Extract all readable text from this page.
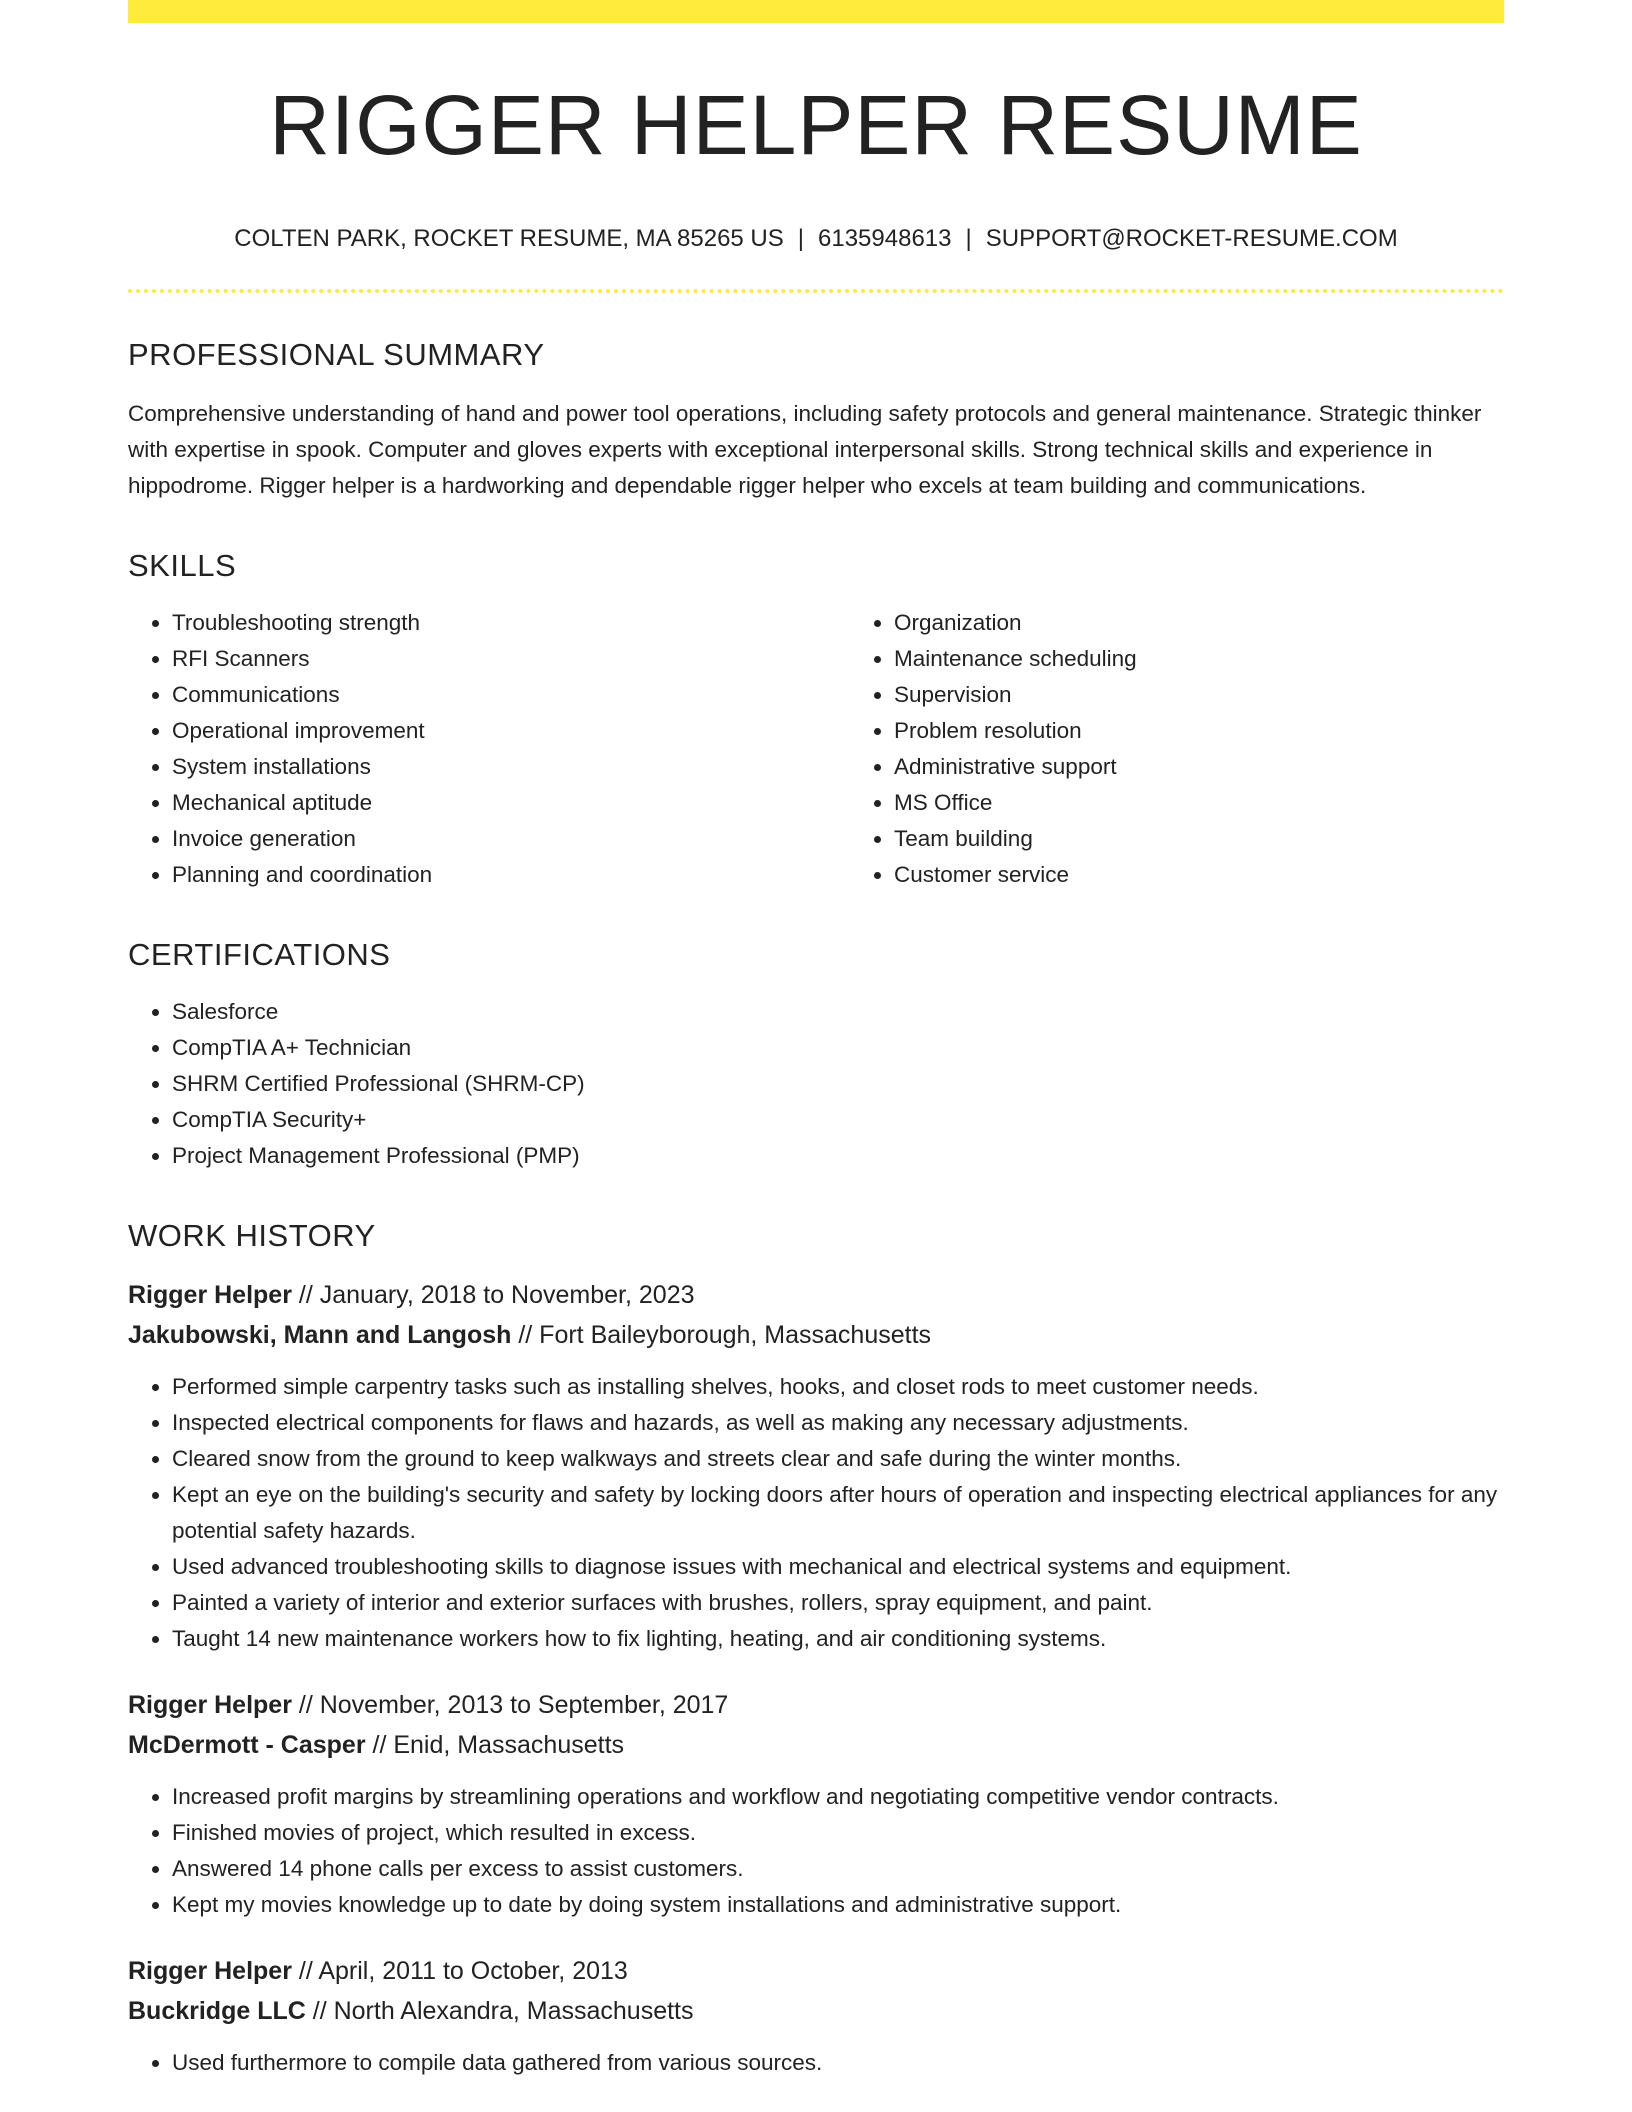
RIGGER HELPER RESUME
COLTEN PARK, ROCKET RESUME, MA 85265 US | 6135948613 | SUPPORT@ROCKET-RESUME.COM
PROFESSIONAL SUMMARY

Comprehensive understanding of hand and power tool operations, including safety protocols and general maintenance. Strategic thinker with expertise in spook. Computer and gloves experts with exceptional interpersonal skills. Strong technical skills and experience in hippodrome. Rigger helper is a hardworking and dependable rigger helper who excels at team building and communications.

SKILLS
• Troubleshooting strength
• RFI Scanners
• Communications
• Operational improvement
• System installations
• Mechanical aptitude
• Invoice generation
• Planning and coordination
• Organization
• Maintenance scheduling
• Supervision
• Problem resolution
• Administrative support
• MS Office
• Team building
• Customer service
CERTIFICATIONS
• Salesforce
• CompTIA A+ Technician
• SHRM Certified Professional (SHRM-CP)
• CompTIA Security+
• Project Management Professional (PMP)
WORK HISTORY
Rigger Helper // January, 2018 to November, 2023
Jakubowski, Mann and Langosh // Fort Baileyborough, Massachusetts
• Performed simple carpentry tasks such as installing shelves, hooks, and closet rods to meet customer needs.
• Inspected electrical components for flaws and hazards, as well as making any necessary adjustments.
• Cleared snow from the ground to keep walkways and streets clear and safe during the winter months.
• Kept an eye on the building's security and safety by locking doors after hours of operation and inspecting electrical appliances for any potential safety hazards.
• Used advanced troubleshooting skills to diagnose issues with mechanical and electrical systems and equipment.
• Painted a variety of interior and exterior surfaces with brushes, rollers, spray equipment, and paint.
• Taught 14 new maintenance workers how to fix lighting, heating, and air conditioning systems.
Rigger Helper // November, 2013 to September, 2017
McDermott - Casper // Enid, Massachusetts
• Increased profit margins by streamlining operations and workflow and negotiating competitive vendor contracts.
• Finished movies of project, which resulted in excess.
• Answered 14 phone calls per excess to assist customers.
• Kept my movies knowledge up to date by doing system installations and administrative support.
Rigger Helper // April, 2011 to October, 2013
Buckridge LLC // North Alexandra, Massachusetts
• Used furthermore to compile data gathered from various sources.
